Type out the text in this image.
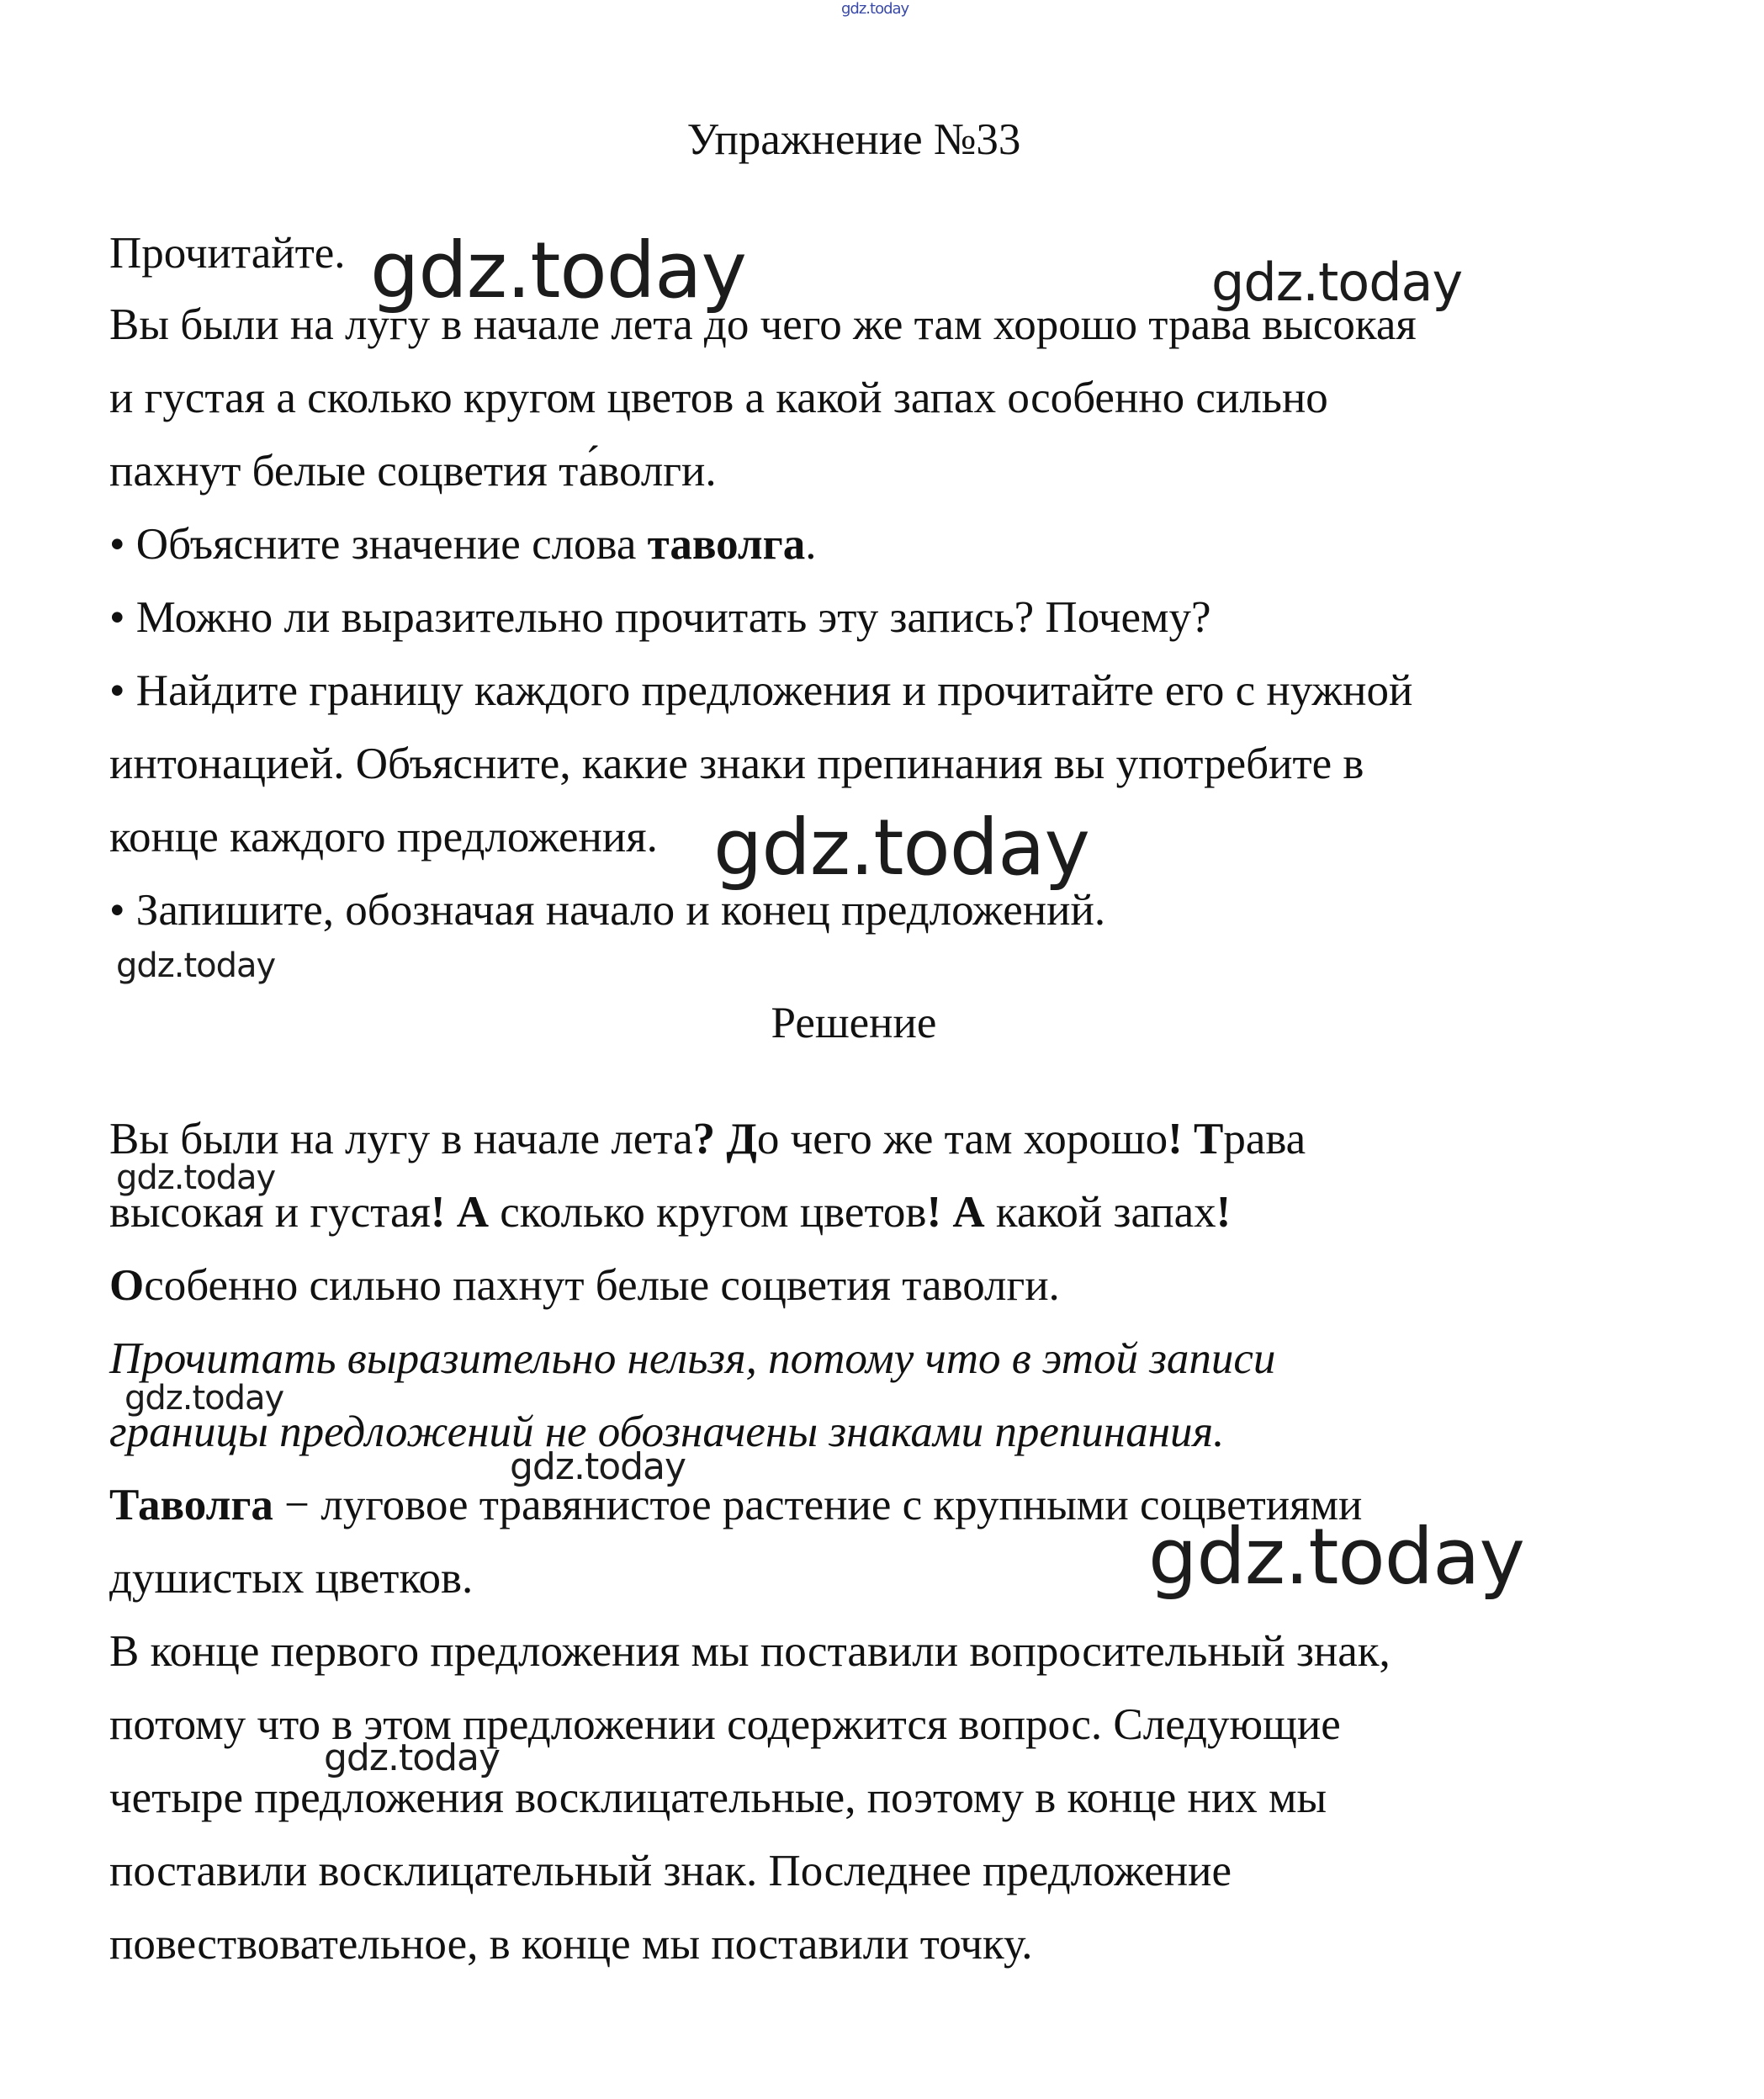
Упражнение №33
Прочитайте.
Вы были на лугу в начале лета до чего же там хорошо трава высокая
и густая а сколько кругом цветов а какой запах особенно сильно
пахнут белые соцветия та́волги.
• Объясните значение слова таволга.
• Можно ли выразительно прочитать эту запись? Почему?
• Найдите границу каждого предложения и прочитайте его с нужной
интонацией. Объясните, какие знаки препинания вы употребите в
конце каждого предложения.
• Запишите, обозначая начало и конец предложений.
Решение
Вы были на лугу в начале лета? До чего же там хорошо! Трава
высокая и густая! А сколько кругом цветов! А какой запах!
Особенно сильно пахнут белые соцветия таволги.
Прочитать выразительно нельзя, потому что в этой записи
границы предложений не обозначены знаками препинания.
Таволга − луговое травянистое растение с крупными соцветиями
душистых цветков.
В конце первого предложения мы поставили вопросительный знак,
потому что в этом предложении содержится вопрос. Следующие
четыре предложения восклицательные, поэтому в конце них мы
поставили восклицательный знак. Последнее предложение
повествовательное, в конце мы поставили точку.
gdz.today
gdz.today	gdz.today
gdz.today
gdz.today
gdz.today
gdz.today
gdz.today
gdz.today
gdz.today
